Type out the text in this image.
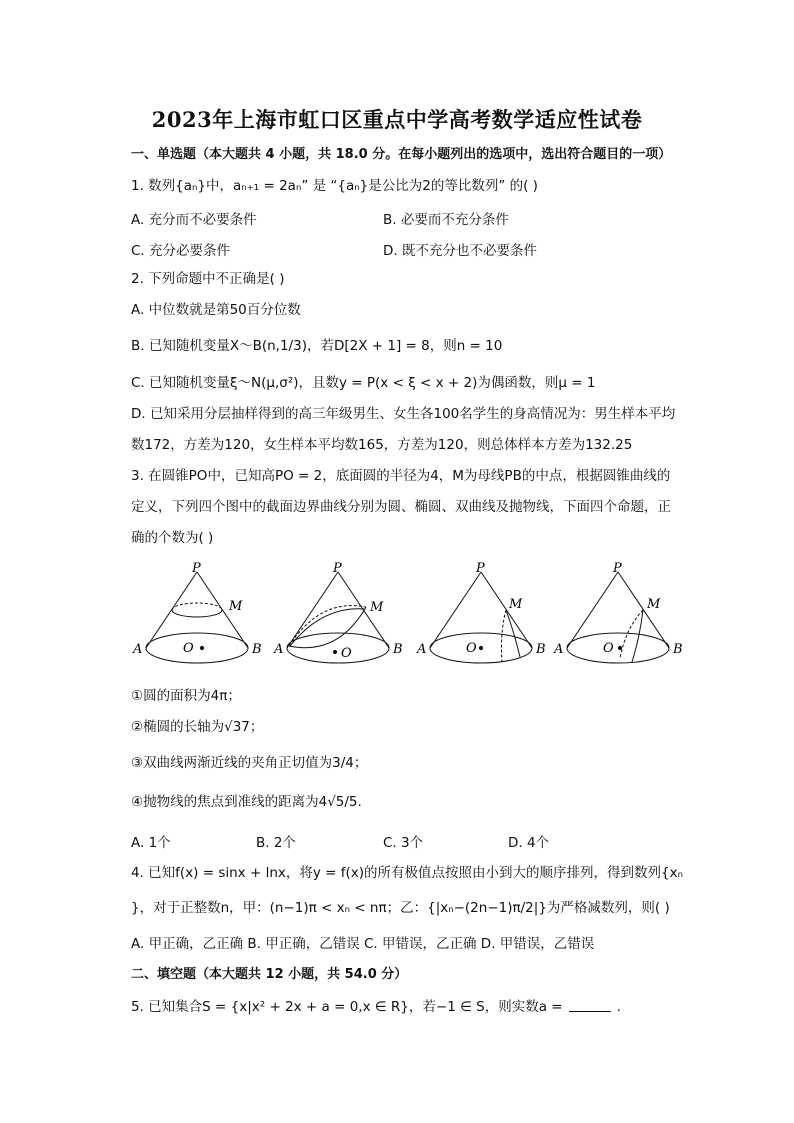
2023年上海市虹口区重点中学高考数学适应性试卷
一、单选题（本大题共 4 小题，共 18.0 分。在每小题列出的选项中，选出符合题目的一项）
1. 数列{aₙ}中，aₙ₊₁ = 2aₙ” 是 “{aₙ}是公比为2的等比数列” 的( )
A. 充分而不必要条件	B. 必要而不充分条件
C. 充分必要条件	D. 既不充分也不必要条件
2. 下列命题中不正确是( )
A. 中位数就是第50百分位数
B. 已知随机变量X～B(n,1/3)，若D[2X + 1] = 8，则n = 10
C. 已知随机变量ξ～N(μ,σ²)，且数y = P(x < ξ < x + 2)为偶函数，则μ = 1
D. 已知采用分层抽样得到的高三年级男生、女生各100名学生的身高情况为：男生样本平均
数172，方差为120，女生样本平均数165，方差为120，则总体样本方差为132.25
3. 在圆锥PO中，已知高PO = 2，底面圆的半径为4，M为母线PB的中点，根据圆锥曲线的
定义，下列四个图中的截面边界曲线分别为圆、椭圆、双曲线及抛物线，下面四个命题，正
确的个数为( )
P
M
A	B
O
P
M
A	B
O
P
M
A	B
O
P
M
A	B
O
①圆的面积为4π；
②椭圆的长轴为√37；
③双曲线两渐近线的夹角正切值为3/4；
④抛物线的焦点到准线的距离为4√5/5.
A. 1个	B. 2个	C. 3个	D. 4个
4. 已知f(x) = sinx + lnx，将y = f(x)的所有极值点按照由小到大的顺序排列，得到数列{xₙ
}，对于正整数n，甲：(n−1)π < xₙ < nπ；乙：{|xₙ−(2n−1)π/2|}为严格减数列，则( )
A. 甲正确，乙正确 B. 甲正确，乙错误 C. 甲错误，乙正确 D. 甲错误，乙错误
二、填空题（本大题共 12 小题，共 54.0 分）
5. 已知集合S = {x|x² + 2x + a = 0,x ∈ R}，若−1 ∈ S，则实数a =	.
